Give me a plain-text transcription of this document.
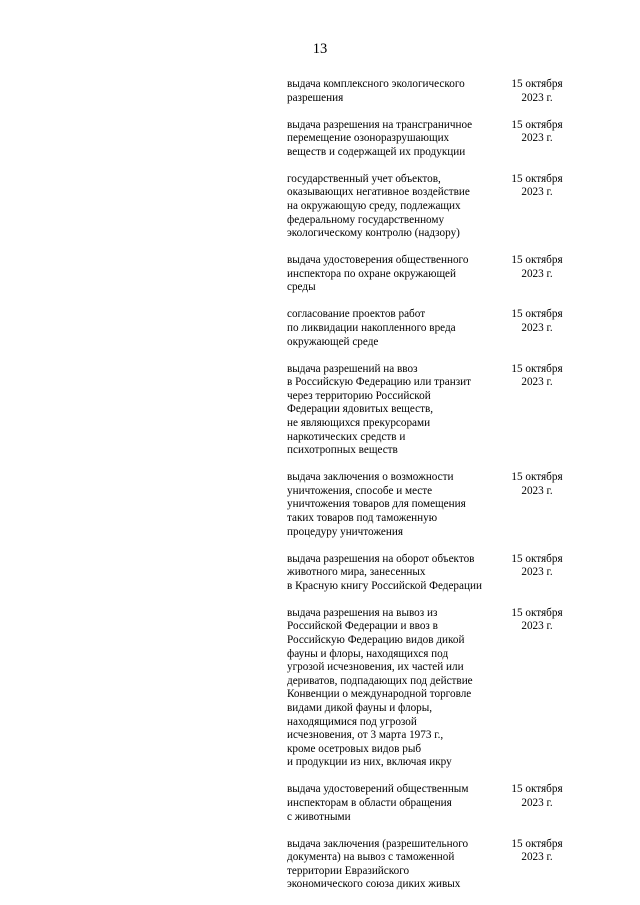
13
выдача комплексного экологического
разрешения
15 октября
2023 г.
выдача разрешения на трансграничное
перемещение озоноразрушающих
веществ и содержащей их продукции
15 октября
2023 г.
государственный учет объектов,
оказывающих негативное воздействие
на окружающую среду, подлежащих
федеральному государственному
экологическому контролю (надзору)
15 октября
2023 г.
выдача удостоверения общественного
инспектора по охране окружающей
среды
15 октября
2023 г.
согласование проектов работ
по ликвидации накопленного вреда
окружающей среде
15 октября
2023 г.
выдача разрешений на ввоз
в Российскую Федерацию или транзит
через территорию Российской
Федерации ядовитых веществ,
не являющихся прекурсорами
наркотических средств и
психотропных веществ
15 октября
2023 г.
выдача заключения о возможности
уничтожения, способе и месте
уничтожения товаров для помещения
таких товаров под таможенную
процедуру уничтожения
15 октября
2023 г.
выдача разрешения на оборот объектов
животного мира, занесенных
в Красную книгу Российской Федерации
15 октября
2023 г.
выдача разрешения на вывоз из
Российской Федерации и ввоз в
Российскую Федерацию видов дикой
фауны и флоры, находящихся под
угрозой исчезновения, их частей или
дериватов, подпадающих под действие
Конвенции о международной торговле
видами дикой фауны и флоры,
находящимися под угрозой
исчезновения, от 3 марта 1973 г.,
кроме осетровых видов рыб
и продукции из них, включая икру
15 октября
2023 г.
выдача удостоверений общественным
инспекторам в области обращения
с животными
15 октября
2023 г.
выдача заключения (разрешительного
документа) на вывоз с таможенной
территории Евразийского
экономического союза диких живых
15 октября
2023 г.
